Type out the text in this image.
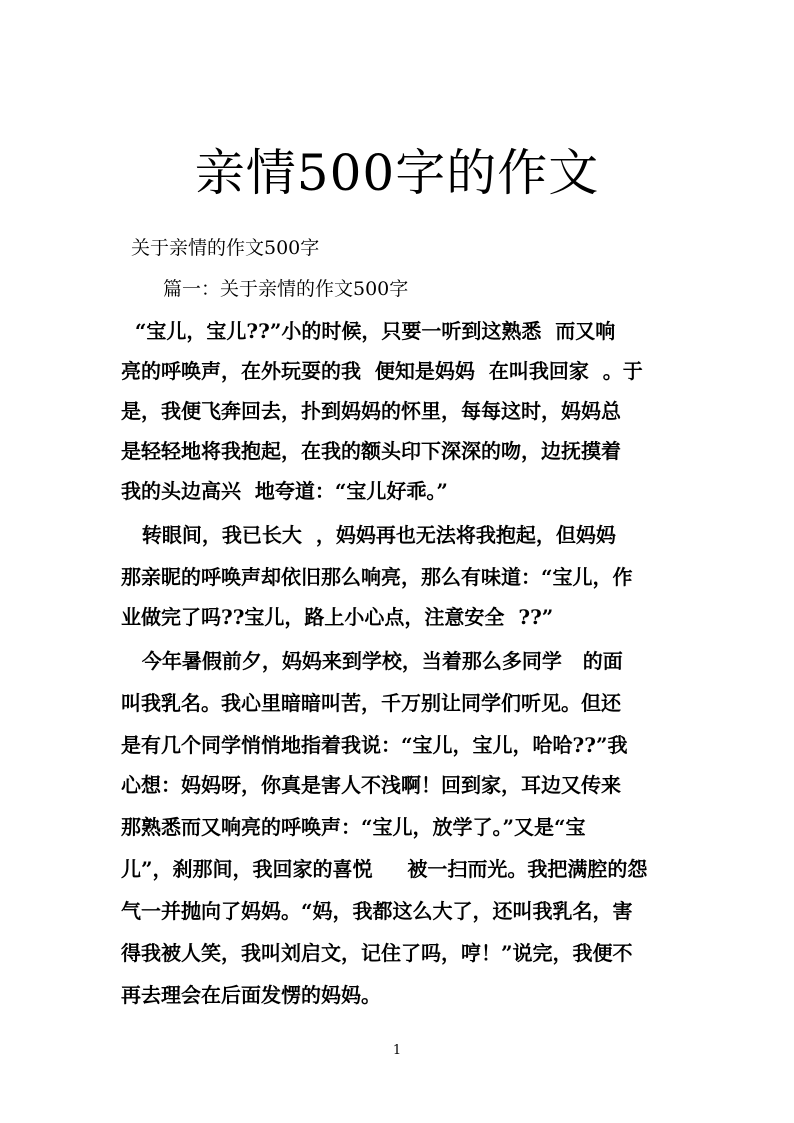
亲情500字的作文
关于亲情的作文500字
篇一：关于亲情的作文500字
“宝儿，宝儿??”小的时候，只要一听到这熟悉  而又响
亮的呼唤声，在外玩耍的我  便知是妈妈  在叫我回家  。于
是，我便飞奔回去，扑到妈妈的怀里，每每这时，妈妈总
是轻轻地将我抱起，在我的额头印下深深的吻，边抚摸着
我的头边高兴  地夸道：“宝儿好乖。”
转眼间，我已长大  ，妈妈再也无法将我抱起，但妈妈
那亲昵的呼唤声却依旧那么响亮，那么有味道：“宝儿，作
业做完了吗??宝儿，路上小心点，注意安全  ??”
今年暑假前夕，妈妈来到学校，当着那么多同学   的面
叫我乳名。我心里暗暗叫苦，千万别让同学们听见。但还
是有几个同学悄悄地指着我说：“宝儿，宝儿，哈哈??”我
心想：妈妈呀，你真是害人不浅啊！回到家，耳边又传来
那熟悉而又响亮的呼唤声：“宝儿，放学了。”又是“宝
儿”，刹那间，我回家的喜悦     被一扫而光。我把满腔的怨
气一并抛向了妈妈。“妈，我都这么大了，还叫我乳名，害
得我被人笑，我叫刘启文，记住了吗，哼！”说完，我便不
再去理会在后面发愣的妈妈。
1
